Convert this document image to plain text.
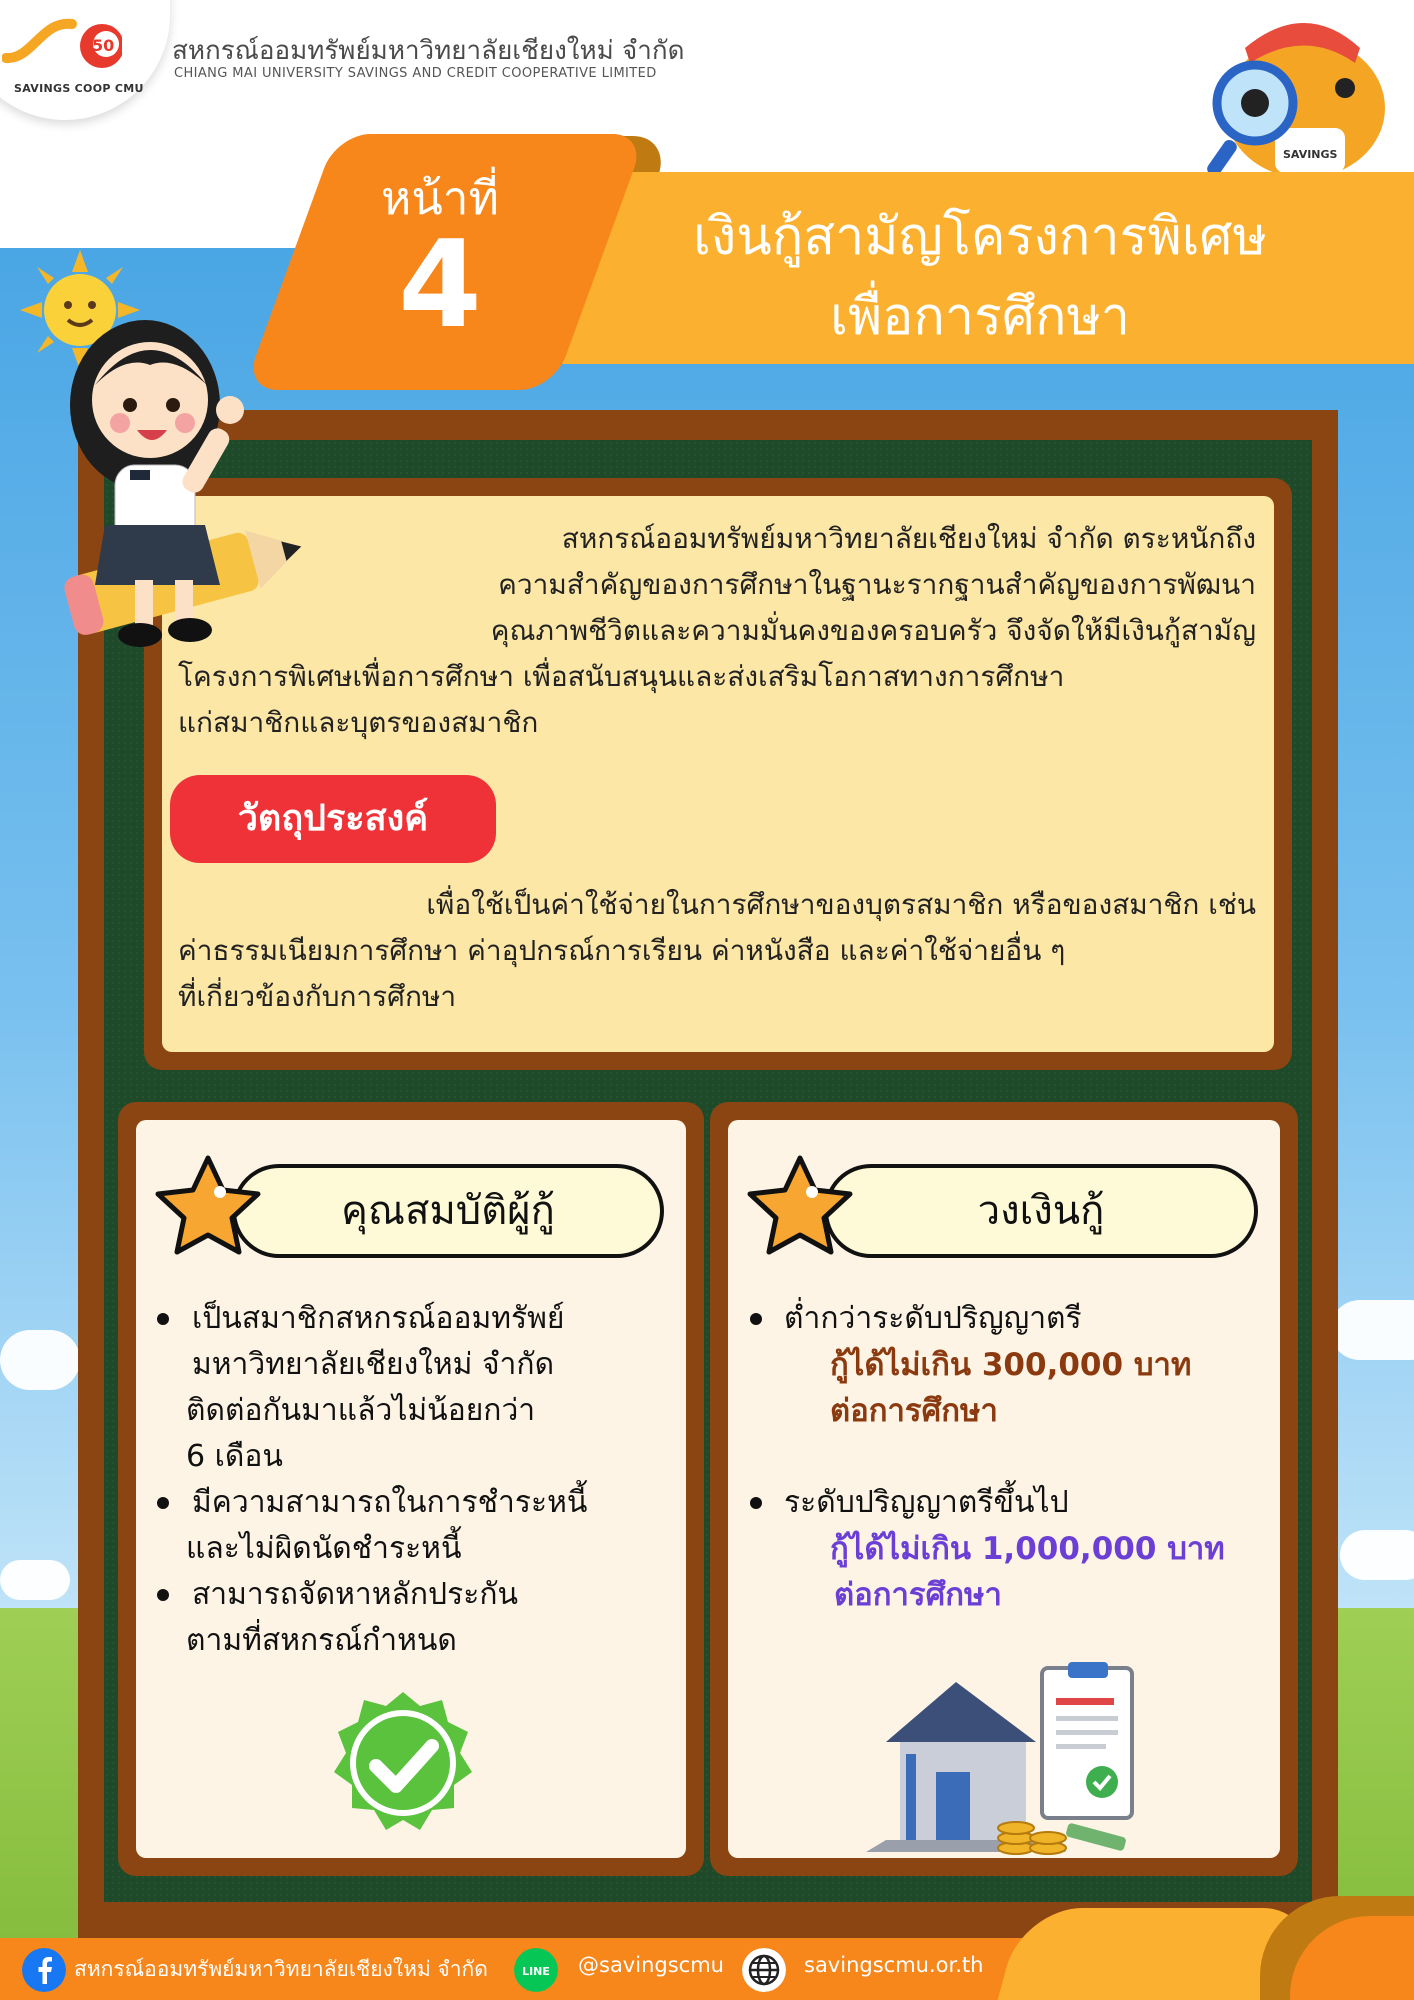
50
SAVINGS COOP CMU
สหกรณ์ออมทรัพย์มหาวิทยาลัยเชียงใหม่ จำกัด
CHIANG MAI UNIVERSITY SAVINGS AND CREDIT COOPERATIVE LIMITED
SAVINGS
หน้าที่
4	เงินกู้สามัญโครงการพิเศษ
เพื่อการศึกษา
สหกรณ์ออมทรัพย์มหาวิทยาลัยเชียงใหม่ จำกัด ตระหนักถึง
ความสำคัญของการศึกษาในฐานะรากฐานสำคัญของการพัฒนา
คุณภาพชีวิตและความมั่นคงของครอบครัว จึงจัดให้มีเงินกู้สามัญ
โครงการพิเศษเพื่อการศึกษา เพื่อสนับสนุนและส่งเสริมโอกาสทางการศึกษา
แก่สมาชิกและบุตรของสมาชิก
วัตถุประสงค์
เพื่อใช้เป็นค่าใช้จ่ายในการศึกษาของบุตรสมาชิก หรือของสมาชิก เช่น
ค่าธรรมเนียมการศึกษา ค่าอุปกรณ์การเรียน ค่าหนังสือ และค่าใช้จ่ายอื่น ๆ
ที่เกี่ยวข้องกับการศึกษา
คุณสมบัติผู้กู้
เป็นสมาชิกสหกรณ์ออมทรัพย์
มหาวิทยาลัยเชียงใหม่ จำกัด
ติดต่อกันมาแล้วไม่น้อยกว่า
6 เดือน
มีความสามารถในการชำระหนี้
และไม่ผิดนัดชำระหนี้
สามารถจัดหาหลักประกัน
ตามที่สหกรณ์กำหนด
วงเงินกู้
ต่ำกว่าระดับปริญญาตรี
กู้ได้ไม่เกิน 300,000 บาท
ต่อการศึกษา
ระดับปริญญาตรีขึ้นไป
กู้ได้ไม่เกิน 1,000,000 บาท
ต่อการศึกษา
สหกรณ์ออมทรัพย์มหาวิทยาลัยเชียงใหม่ จำกัด	LINE @savingscmu	savingscmu.or.th
